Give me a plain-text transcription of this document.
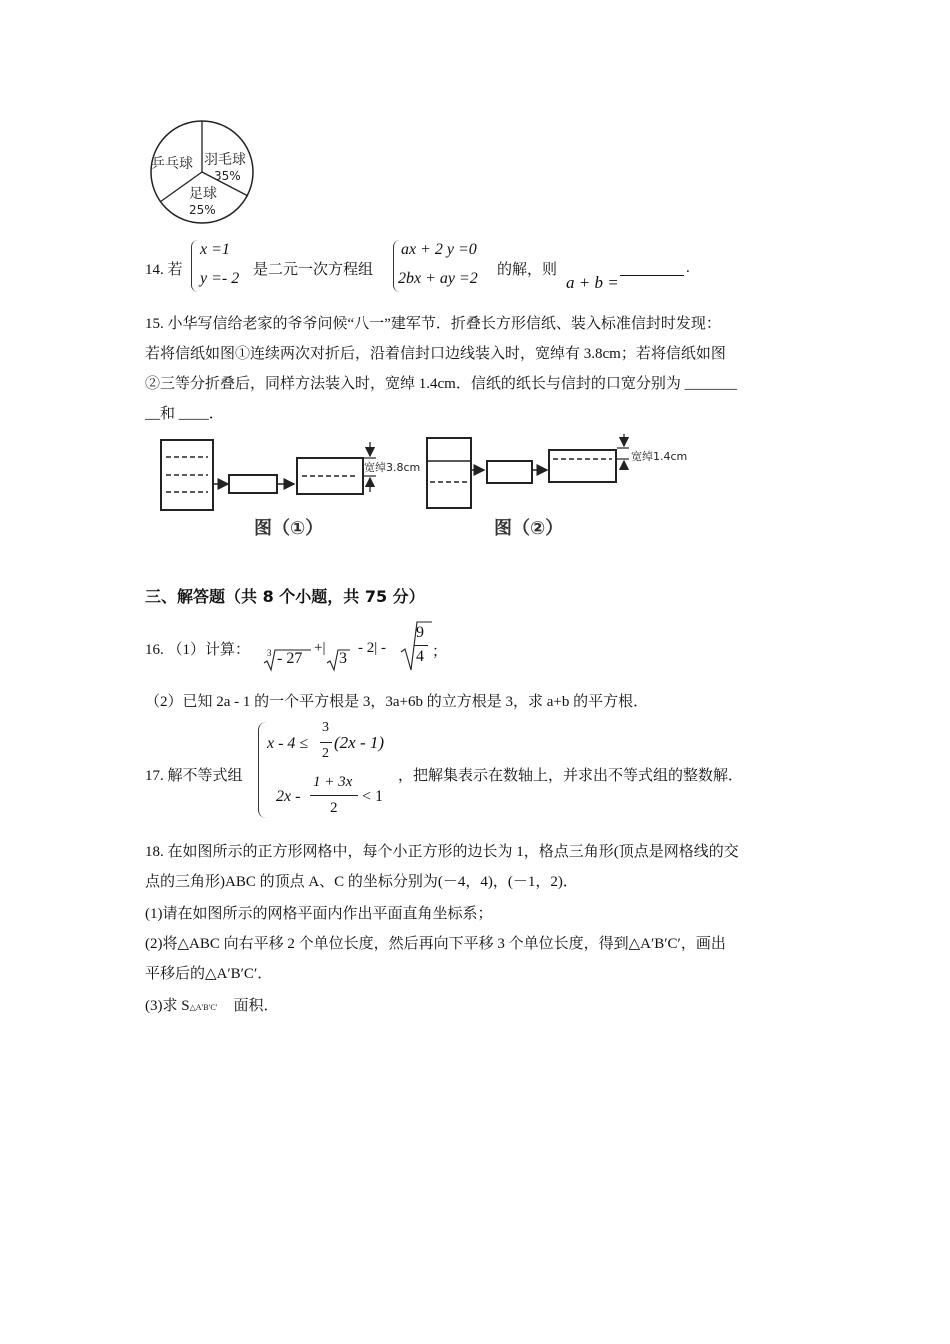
乒乓球 羽毛球
35%
足球
25%
14. 若
x =1
y =- 2 是二元一次方程组
ax + 2 y =0
2bx + ay =2 的解，则
a + b =
.
15. 小华写信给老家的爷爷问候“八一”建军节．折叠长方形信纸、装入标准信封时发现：
若将信纸如图①连续两次对折后，沿着信封口边线装入时，宽绰有 3.8cm；若将信纸如图
②三等分折叠后，同样方法装入时，宽绰 1.4cm．信纸的纸长与信封的口宽分别为 _______
__和 ____．
宽绰3.8cm
图（①）
宽绰1.4cm
图（②）
三、解答题（共 8 个小题，共 75 分）
16. （1）计算： 3 - 27
+|
3
- 2| -
9
4 ；
（2）已知 2a - 1 的一个平方根是 3，3a+6b 的立方根是 3，求 a+b 的平方根．
17. 解不等式组
x - 4 ≤
3
2
(2x - 1)
2x -
1 + 3x
2
< 1
，把解集表示在数轴上，并求出不等式组的整数解．
18. 在如图所示的正方形网格中，每个小正方形的边长为 1，格点三角形(顶点是网格线的交
点的三角形)ABC 的顶点 A、C 的坐标分别为(－4，4)，(－1，2)．
(1)请在如图所示的网格平面内作出平面直角坐标系；
(2)将△ABC 向右平移 2 个单位长度，然后再向下平移 3 个单位长度，得到△A′B′C′，画出
平移后的△A′B′C′．
(3)求 S△A′B′C′ 面积．
